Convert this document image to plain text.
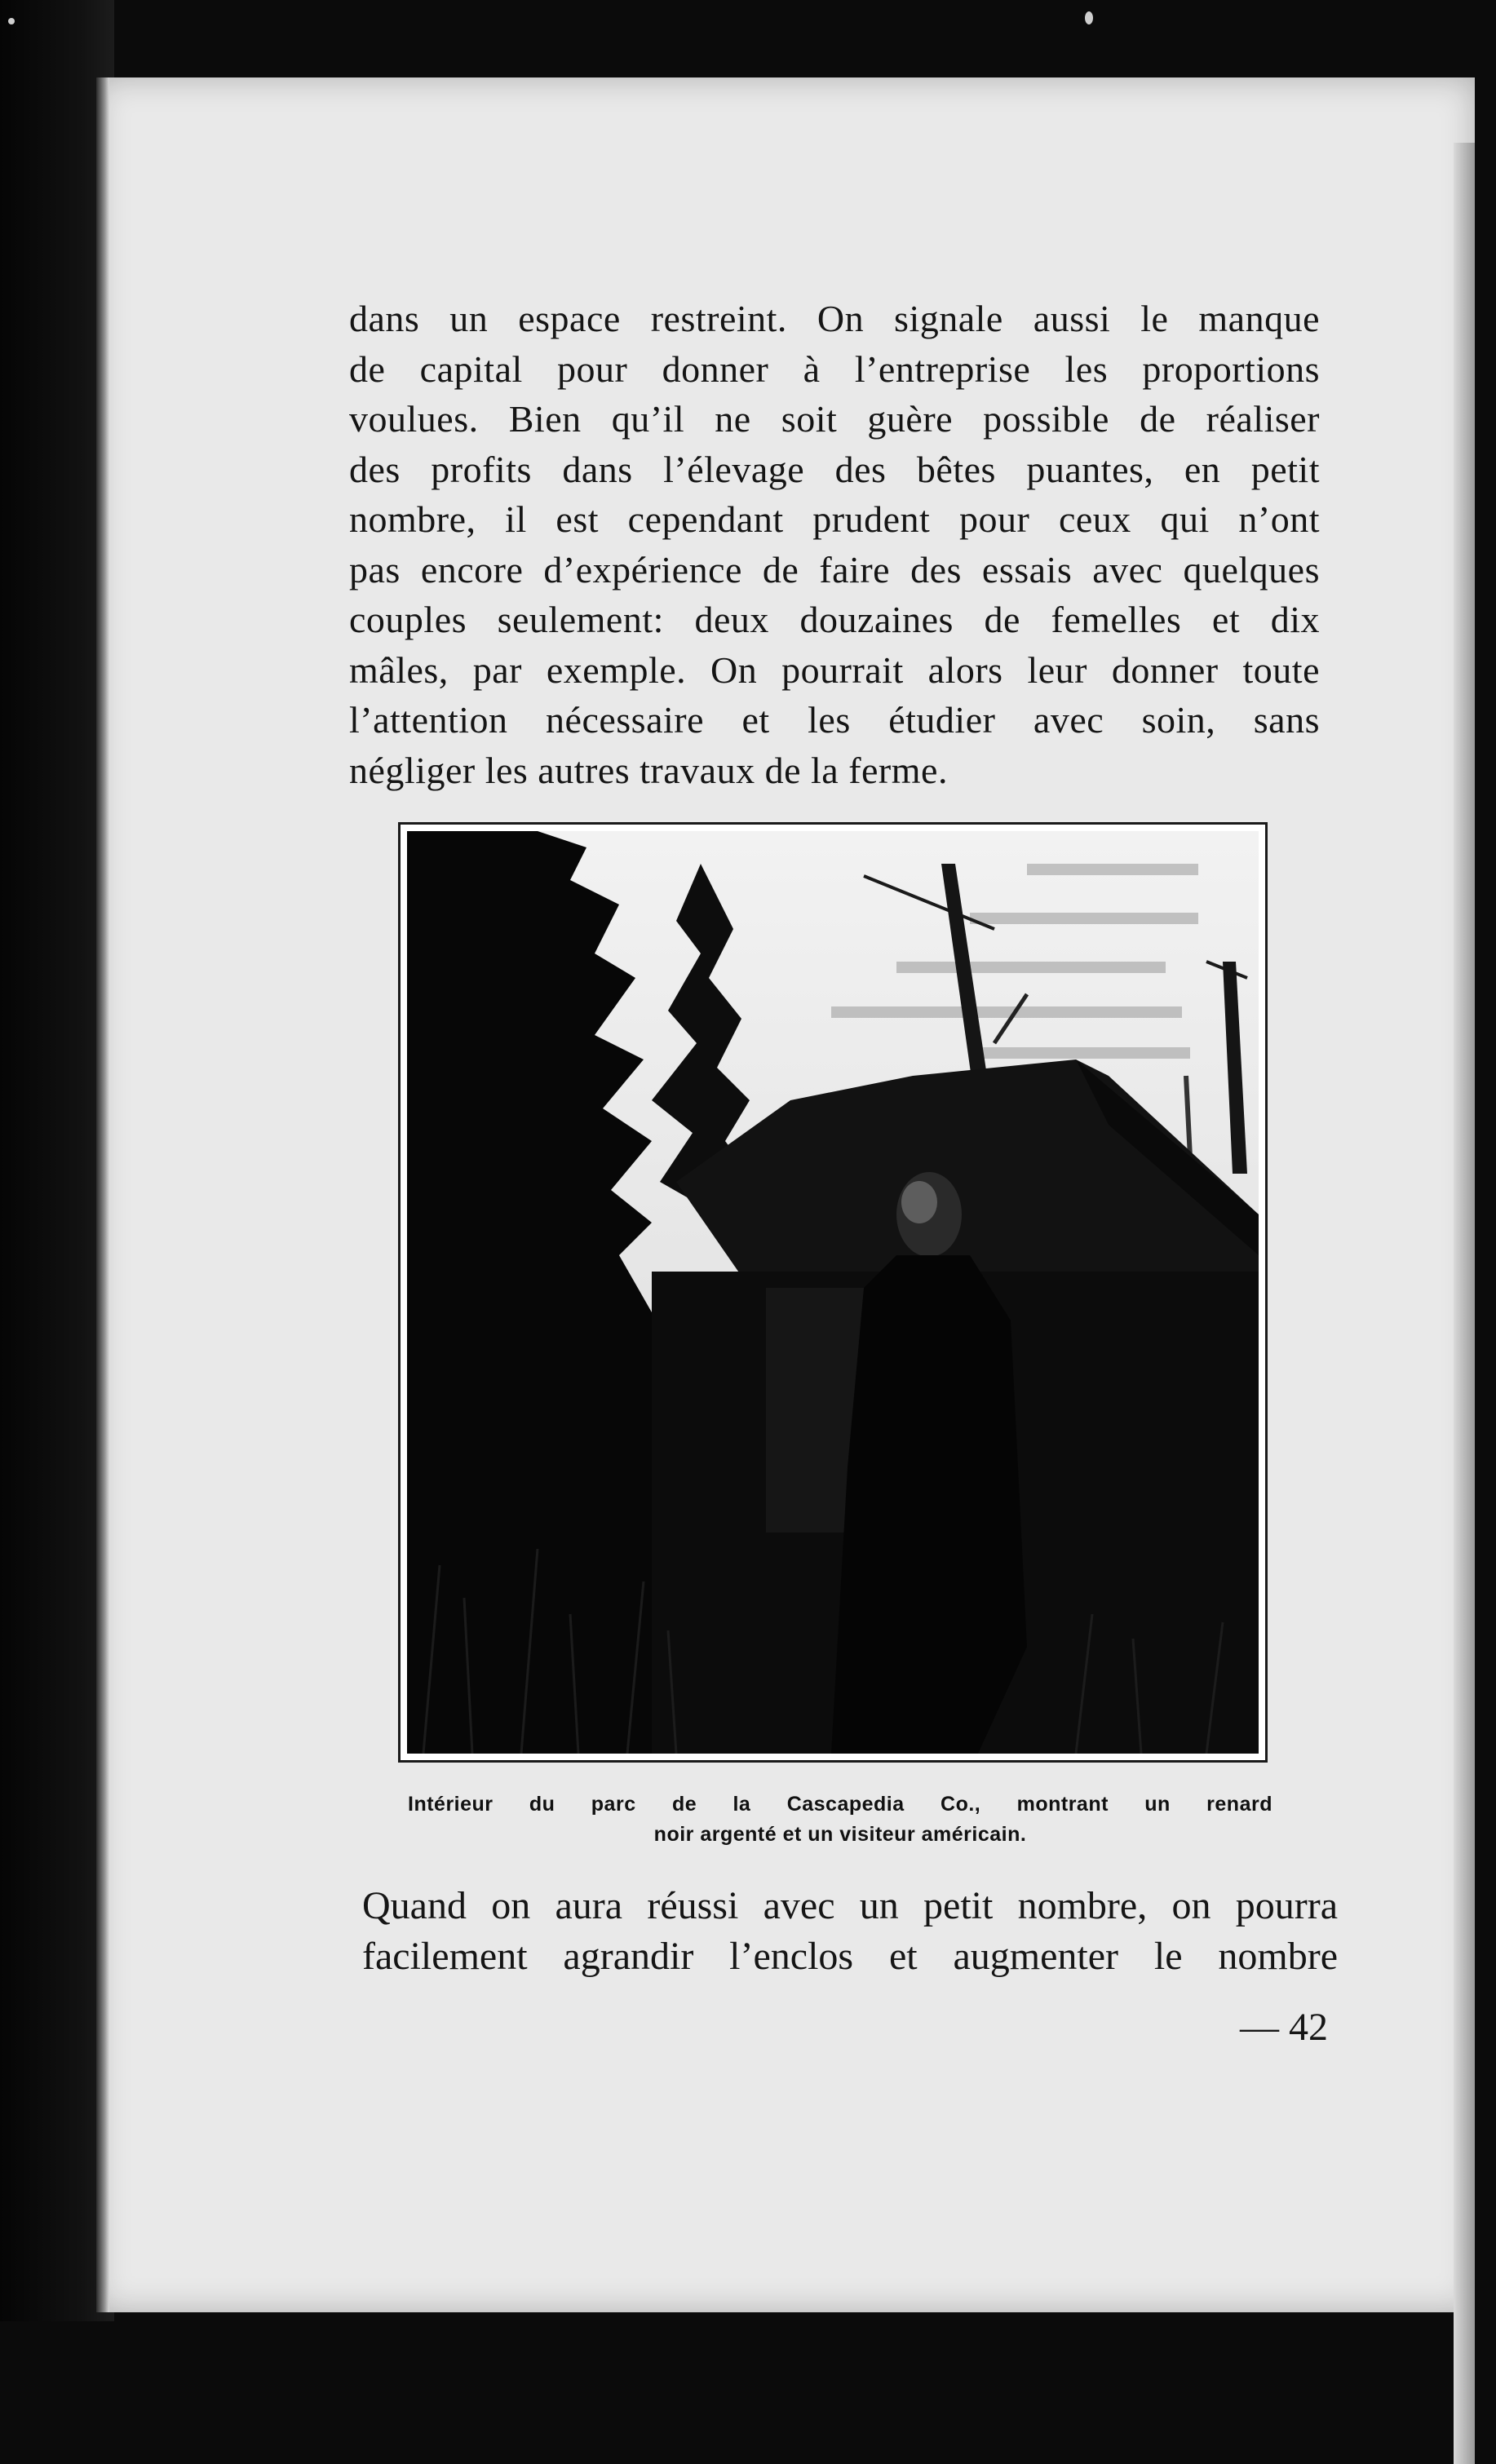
dans un espace restreint. On signale aussi le manque
de capital pour donner à l’entreprise les proportions
voulues. Bien qu’il ne soit guère possible de réaliser
des profits dans l’élevage des bêtes puantes, en petit
nombre, il est cependant prudent pour ceux qui n’ont
pas encore d’expérience de faire des essais avec quelques
couples seulement: deux douzaines de femelles et dix
mâles, par exemple. On pourrait alors leur donner toute
l’attention nécessaire et les étudier avec soin, sans
négliger les autres travaux de la ferme.
Intérieur du parc de la Cascapedia Co., montrant un renard
noir argenté et un visiteur américain.
Quand on aura réussi avec un petit nombre, on pourra
facilement agrandir l’enclos et augmenter le nombre
— 42
